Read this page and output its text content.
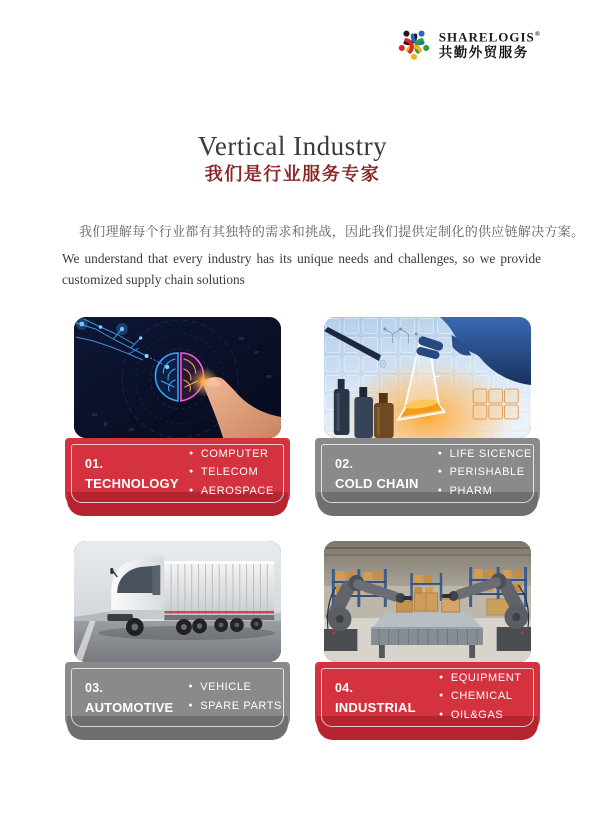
SHARELOGIS®
共勤外贸服务
Vertical Industry
我们是行业服务专家
我们理解每个行业都有其独特的需求和挑战，因此我们提供定制化的供应链解决方案。
We understand that every industry has its unique needs and challenges, so we provide customized supply chain solutions
01.
TECHNOLOGY
● COMPUTER
● TELECOM
● AEROSPACE
02.
COLD CHAIN
● LIFE SICENCE
● PERISHABLE
● PHARM
03.
AUTOMOTIVE
● VEHICLE
● SPARE PARTS
04.
INDUSTRIAL
● EQUIPMENT
● CHEMICAL
● OIL&GAS
